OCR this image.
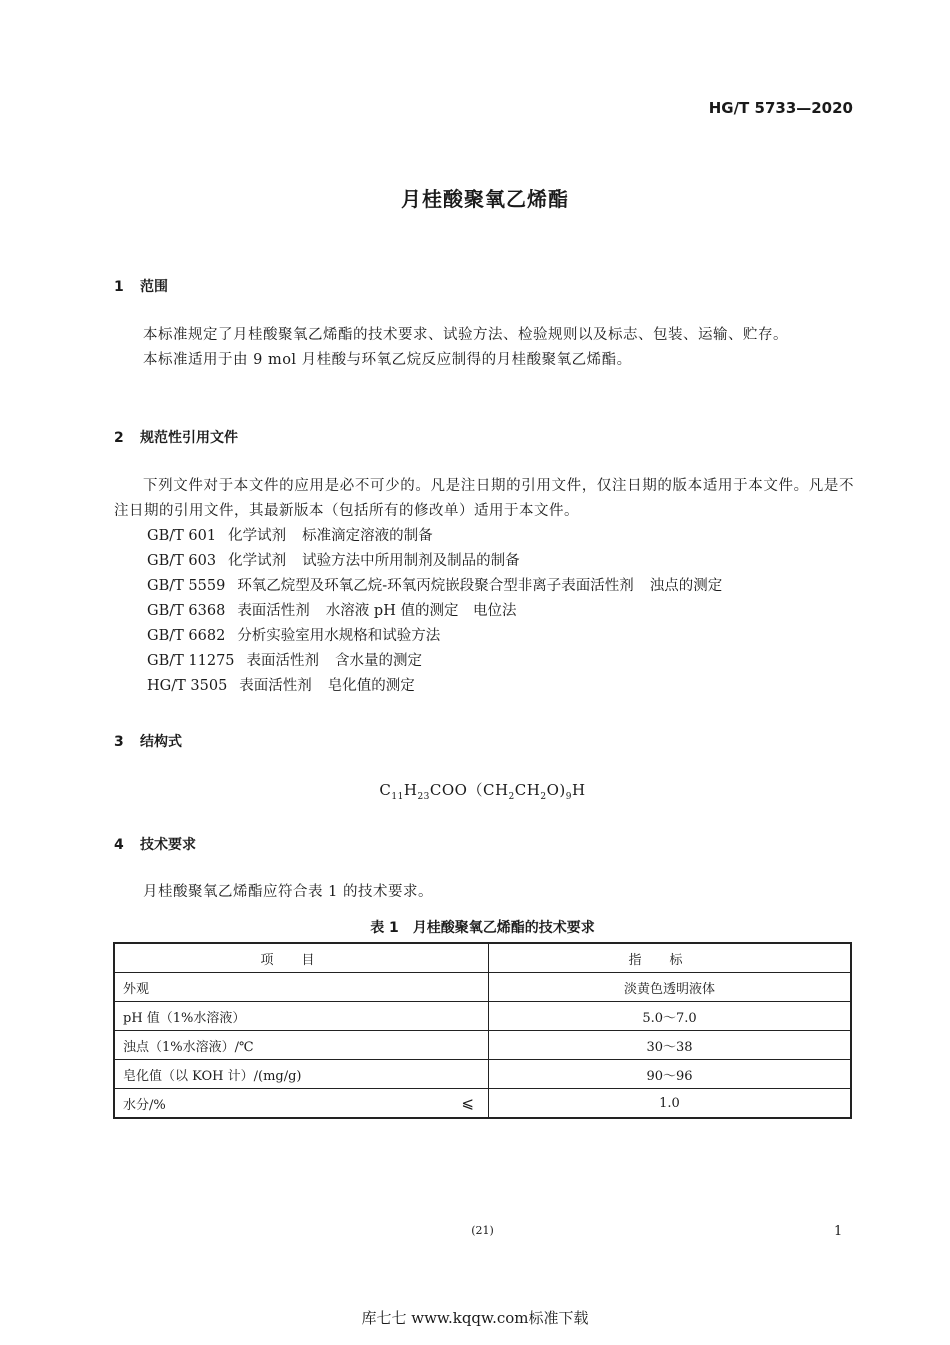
HG/T 5733—2020
月桂酸聚氧乙烯酯
1 范围

本标准规定了月桂酸聚氧乙烯酯的技术要求、试验方法、检验规则以及标志、包装、运输、贮存。

本标准适用于由 9 mol 月桂酸与环氧乙烷反应制得的月桂酸聚氧乙烯酯。

2 规范性引用文件

下列文件对于本文件的应用是必不可少的。凡是注日期的引用文件，仅注日期的版本适用于本文件。凡是不注日期的引用文件，其最新版本（包括所有的修改单）适用于本文件。

GB/T 601 化学试剂 标准滴定溶液的制备
GB/T 603 化学试剂 试验方法中所用制剂及制品的制备
GB/T 5559 环氧乙烷型及环氧乙烷-环氧丙烷嵌段聚合型非离子表面活性剂 浊点的测定
GB/T 6368 表面活性剂 水溶液 pH 值的测定　电位法
GB/T 6682 分析实验室用水规格和试验方法
GB/T 11275 表面活性剂 含水量的测定
HG/T 3505 表面活性剂 皂化值的测定
3 结构式
$C_{11}H_{23}COO(CH_2CH_2O)_9H$
4 技术要求

月桂酸聚氧乙烯酯应符合表 1 的技术要求。

表 1 月桂酸聚氧乙烯酯的技术要求
项目	指标
外观	淡黄色透明液体
pH 值（1%水溶液）	5.0～7.0
浊点（1%水溶液）/℃	30～38
皂化值（以 KOH 计）/(mg/g)	90～96
水分/% ⩽	1.0
(21)	1
库七七 www.kqqw.com标准下载
